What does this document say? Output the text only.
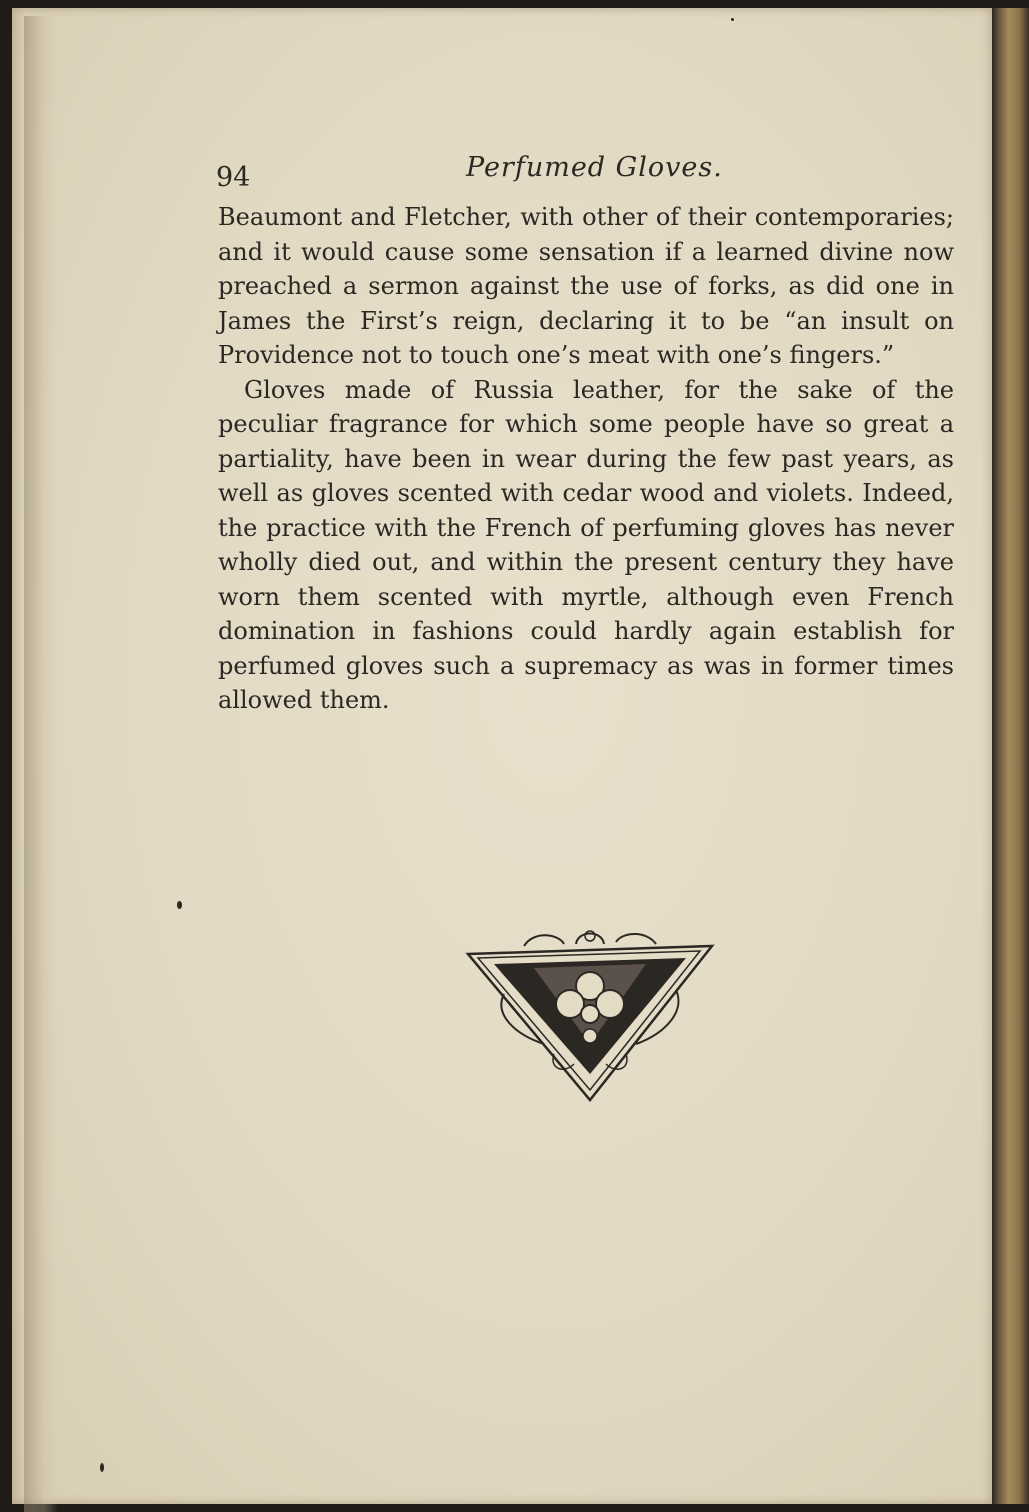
94	Perfumed Gloves.

Beaumont and Fletcher, with other of their contemporaries; and it would cause some sensation if a learned divine now preached a sermon against the use of forks, as did one in James the First’s reign, declaring it to be “an insult on Providence not to touch one’s meat with one’s fingers.”

Gloves made of Russia leather, for the sake of the peculiar fragrance for which some people have so great a partiality, have been in wear during the few past years, as well as gloves scented with cedar wood and violets. Indeed, the practice with the French of perfuming gloves has never wholly died out, and within the present century they have worn them scented with myrtle, although even French domination in fashions could hardly again establish for perfumed gloves such a supremacy as was in former times allowed them.
